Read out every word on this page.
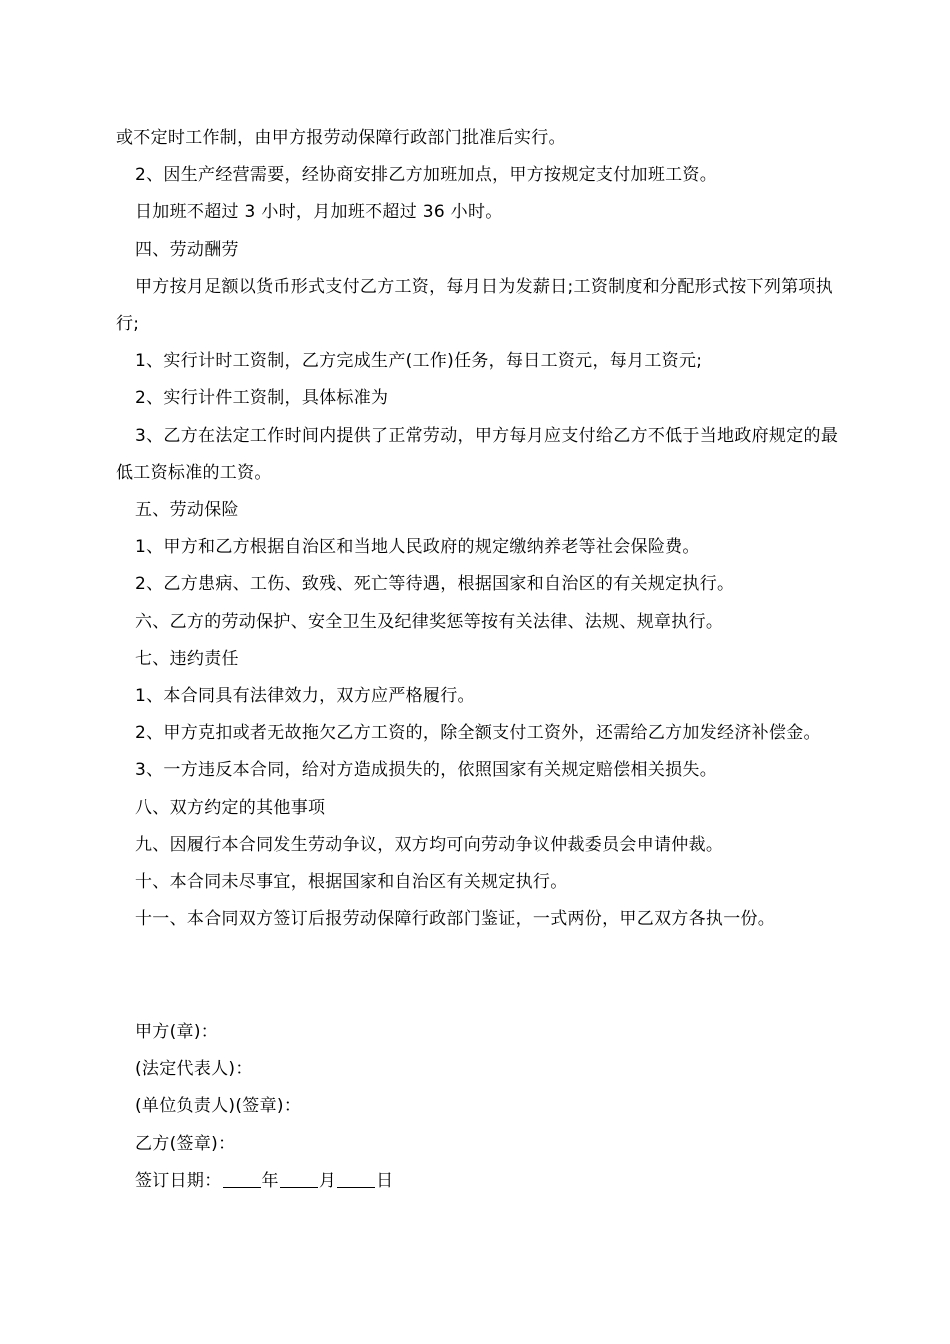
或不定时工作制，由甲方报劳动保障行政部门批准后实行。

2、因生产经营需要，经协商安排乙方加班加点，甲方按规定支付加班工资。

日加班不超过 3 小时，月加班不超过 36 小时。

四、劳动酬劳

甲方按月足额以货币形式支付乙方工资，每月日为发薪日;工资制度和分配形式按下列第项执行;

1、实行计时工资制，乙方完成生产(工作)任务，每日工资元，每月工资元;

2、实行计件工资制，具体标准为

3、乙方在法定工作时间内提供了正常劳动，甲方每月应支付给乙方不低于当地政府规定的最低工资标准的工资。

五、劳动保险

1、甲方和乙方根据自治区和当地人民政府的规定缴纳养老等社会保险费。

2、乙方患病、工伤、致残、死亡等待遇，根据国家和自治区的有关规定执行。

六、乙方的劳动保护、安全卫生及纪律奖惩等按有关法律、法规、规章执行。

七、违约责任

1、本合同具有法律效力，双方应严格履行。

2、甲方克扣或者无故拖欠乙方工资的，除全额支付工资外，还需给乙方加发经济补偿金。

3、一方违反本合同，给对方造成损失的，依照国家有关规定赔偿相关损失。

八、双方约定的其他事项

九、因履行本合同发生劳动争议，双方均可向劳动争议仲裁委员会申请仲裁。

十、本合同未尽事宜，根据国家和自治区有关规定执行。

十一、本合同双方签订后报劳动保障行政部门鉴证，一式两份，甲乙双方各执一份。

甲方(章)：

(法定代表人)：

(单位负责人)(签章)：

乙方(签章)：

签订日期： 年 月 日
